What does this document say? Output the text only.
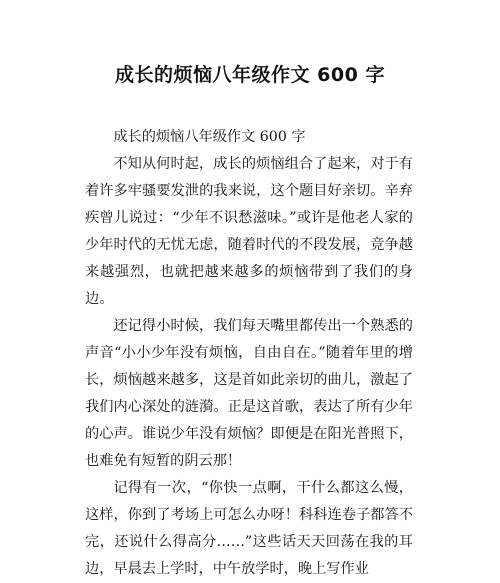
成长的烦恼八年级作文 600 字

成长的烦恼八年级作文 600 字

不知从何时起，成长的烦恼组合了起来，对于有着许多牢骚要发泄的我来说，这个题目好亲切。辛弃疾曾儿说过：“少年不识愁滋味。”或许是他老人家的少年时代的无忧无虑，随着时代的不段发展，竞争越来越强烈，也就把越来越多的烦恼带到了我们的身边。

还记得小时候，我们每天嘴里都传出一个熟悉的声音“小小少年没有烦恼，自由自在。”随着年里的增长，烦恼越来越多，这是首如此亲切的曲儿，激起了我们内心深处的涟漪。正是这首歌，表达了所有少年的心声。谁说少年没有烦恼？即便是在阳光普照下，也难免有短暂的阴云那！

记得有一次，“你快一点啊，干什么都这么慢，这样，你到了考场上可怎么办呀！科科连卷子都答不完，还说什么得高分……”这些话天天回荡在我的耳边，早晨去上学时，中午放学时，晚上写作业
